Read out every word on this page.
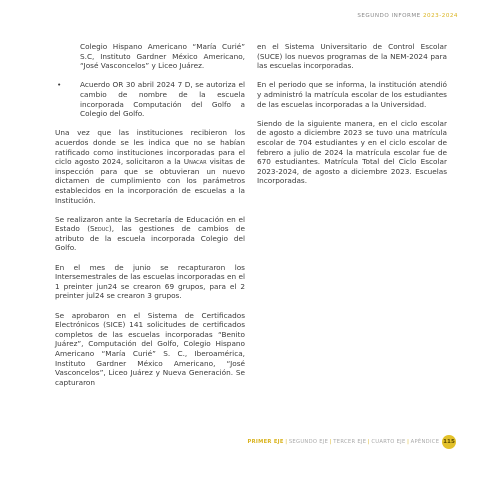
SEGUNDO INFORME 2023-2024

Colegio Hispano Americano “María Curié” S.C, Instituto Gardner México Americano, “José Vasconcelos” y Liceo Juárez.

•	Acuerdo OR 30 abril 2024 7 D, se autoriza el cambio de nombre de la escuela incorporada Computación del Golfo a Colegio del Golfo.

Una vez que las instituciones recibieron los acuerdos donde se les indica que no se habían ratificado como instituciones incorporadas para el ciclo agosto 2024, solicitaron a la Unacar visitas de inspección para que se obtuvieran un nuevo dictamen de cumplimiento con los parámetros establecidos en la incorporación de escuelas a la Institución.

Se realizaron ante la Secretaría de Educación en el Estado (Seduc), las gestiones de cambios de atributo de la escuela incorporada Colegio del Golfo.

En el mes de junio se recapturaron los Intersemestrales de las escuelas incorporadas en el 1 preinter jun24 se crearon 69 grupos, para el 2 preinter jul24 se crearon 3 grupos.

Se aprobaron en el Sistema de Certificados Electrónicos (SICE) 141 solicitudes de certificados completos de las escuelas incorporadas “Benito Juárez”, Computación del Golfo, Colegio Hispano Americano “María Curié” S. C., Iberoamérica, Instituto Gardner México Americano, “José Vasconcelos”, Liceo Juárez y Nueva Generación. Se capturaron

en el Sistema Universitario de Control Escolar (SUCE) los nuevos programas de la NEM-2024 para las escuelas incorporadas.

En el periodo que se informa, la institución atendió y administró la matrícula escolar de los estudiantes de las escuelas incorporadas a la Universidad.

Siendo de la siguiente manera, en el ciclo escolar de agosto a diciembre 2023 se tuvo una matrícula escolar de 704 estudiantes y en el ciclo escolar de febrero a julio de 2024 la matrícula escolar fue de 670 estudiantes. Matrícula Total del Ciclo Escolar 2023-2024, de agosto a diciembre 2023. Escuelas Incorporadas.

PRIMER EJE | SEGUNDO EJE | TERCER EJE | CUARTO EJE | APÉNDICE 115
